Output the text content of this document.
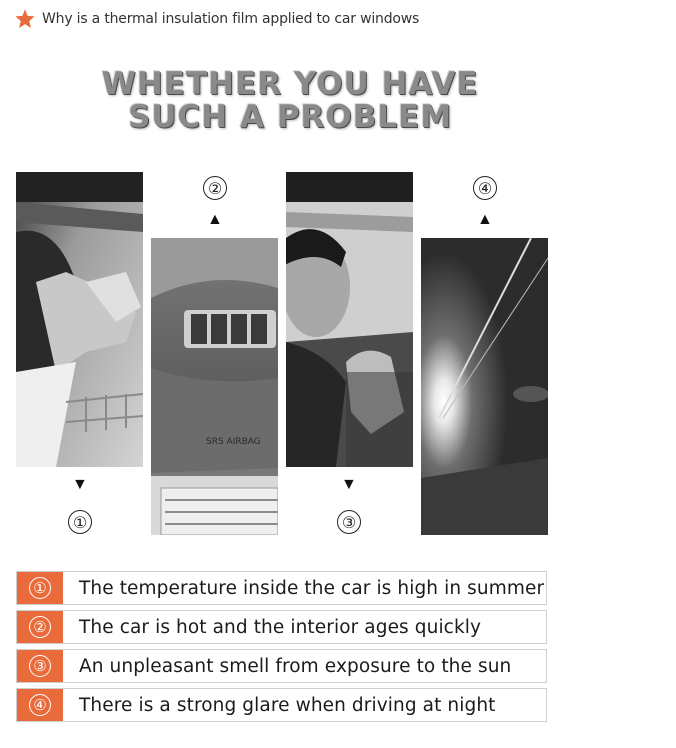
Why is a thermal insulation film applied to car windows
WHETHER YOU HAVE
SUCH A PROBLEM
SRS AIRBAG
②
▲
④
▲
▼
①
▼
③
① The temperature inside the car is high in summer
② The car is hot and the interior ages quickly
③ An unpleasant smell from exposure to the sun
④ There is a strong glare when driving at night
